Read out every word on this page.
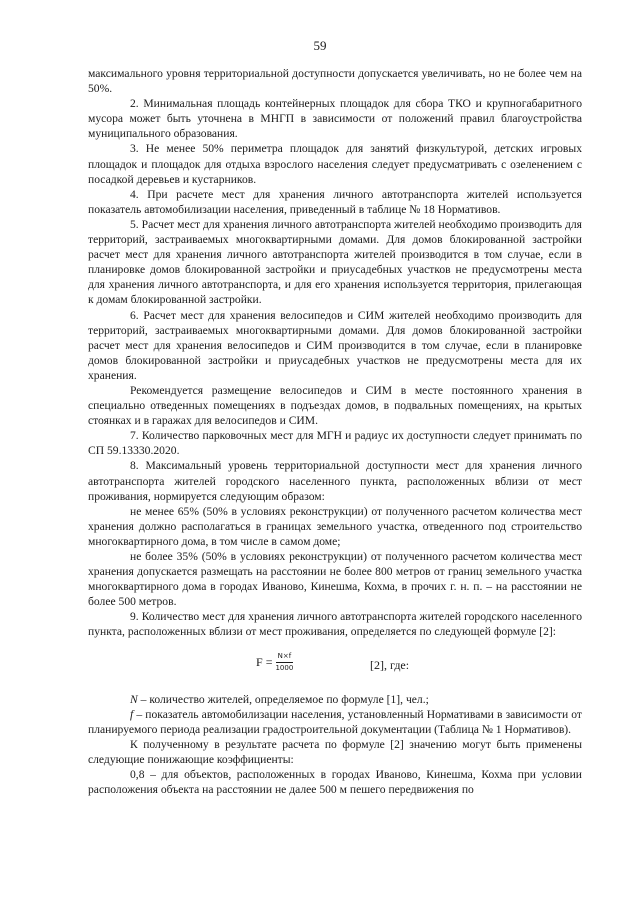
59

максимального уровня территориальной доступности допускается увеличивать, но не более чем на 50%.

2. Минимальная площадь контейнерных площадок для сбора ТКО и крупногабаритного мусора может быть уточнена в МНГП в зависимости от положений правил благоустройства муниципального образования.

3. Не менее 50% периметра площадок для занятий физкультурой, детских игровых площадок и площадок для отдыха взрослого населения следует предусматривать с озеленением с посадкой деревьев и кустарников.

4. При расчете мест для хранения личного автотранспорта жителей используется показатель автомобилизации населения, приведенный в таблице № 18 Нормативов.

5. Расчет мест для хранения личного автотранспорта жителей необходимо производить для территорий, застраиваемых многоквартирными домами. Для домов блокированной застройки расчет мест для хранения личного автотранспорта жителей производится в том случае, если в планировке домов блокированной застройки и приусадебных участков не предусмотрены места для хранения личного автотранспорта, и для его хранения используется территория, прилегающая к домам блокированной застройки.

6. Расчет мест для хранения велосипедов и СИМ жителей необходимо производить для территорий, застраиваемых многоквартирными домами. Для домов блокированной застройки расчет мест для хранения велосипедов и СИМ производится в том случае, если в планировке домов блокированной застройки и приусадебных участков не предусмотрены места для их хранения.

Рекомендуется размещение велосипедов и СИМ в месте постоянного хранения в специально отведенных помещениях в подъездах домов, в подвальных помещениях, на крытых стоянках и в гаражах для велосипедов и СИМ.

7. Количество парковочных мест для МГН и радиус их доступности следует принимать по СП 59.13330.2020.

8. Максимальный уровень территориальной доступности мест для хранения личного автотранспорта жителей городского населенного пункта, расположенных вблизи от мест проживания, нормируется следующим образом:

не менее 65% (50% в условиях реконструкции) от полученного расчетом количества мест хранения должно располагаться в границах земельного участка, отведенного под строительство многоквартирного дома, в том числе в самом доме;

не более 35% (50% в условиях реконструкции) от полученного расчетом количества мест хранения допускается размещать на расстоянии не более 800 метров от границ земельного участка многоквартирного дома в городах Иваново, Кинешма, Кохма, в прочих г. н. п. – на расстоянии не более 500 метров.

9. Количество мест для хранения личного автотранспорта жителей городского населенного пункта, расположенных вблизи от мест проживания, определяется по следующей формуле [2]:

$F = \frac{N\times f}{1000}$	[2], где:

N – количество жителей, определяемое по формуле [1], чел.;

f – показатель автомобилизации населения, установленный Нормативами в зависимости от планируемого периода реализации градостроительной документации (Таблица № 1 Нормативов).

К полученному в результате расчета по формуле [2] значению могут быть применены следующие понижающие коэффициенты:

0,8 – для объектов, расположенных в городах Иваново, Кинешма, Кохма при условии расположения объекта на расстоянии не далее 500 м пешего передвижения по
